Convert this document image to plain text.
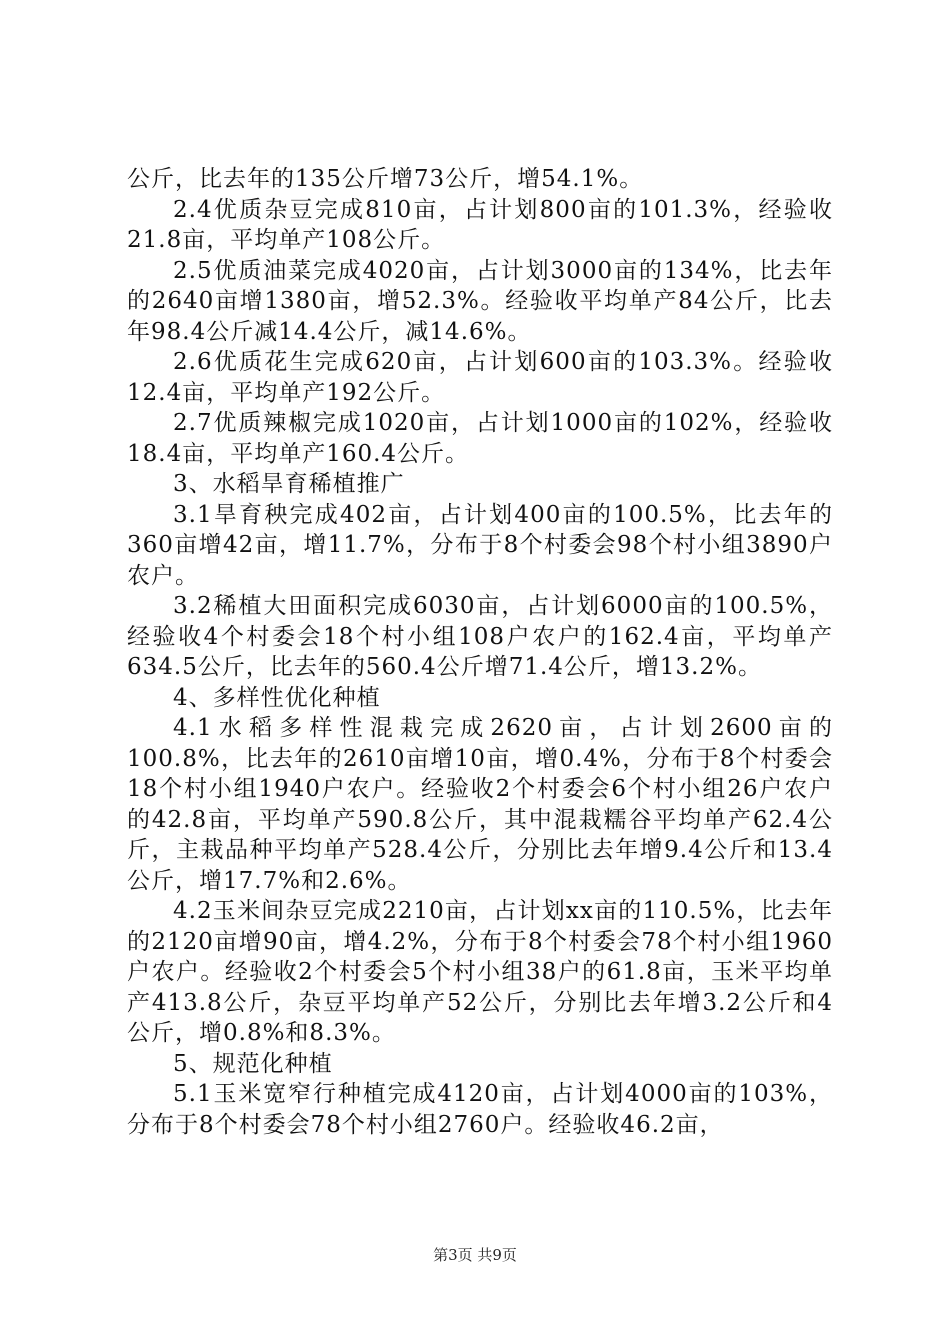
公斤，比去年的135公斤增73公斤，增54.1%。

2.4优质杂豆完成810亩，占计划800亩的101.3%，经验收21.8亩，平均单产108公斤。

2.5优质油菜完成4020亩，占计划3000亩的134%，比去年的2640亩增1380亩，增52.3%。经验收平均单产84公斤，比去年98.4公斤减14.4公斤，减14.6%。

2.6优质花生完成620亩，占计划600亩的103.3%。经验收12.4亩，平均单产192公斤。

2.7优质辣椒完成1020亩，占计划1000亩的102%，经验收18.4亩，平均单产160.4公斤。

3、水稻旱育稀植推广

3.1旱育秧完成402亩，占计划400亩的100.5%，比去年的360亩增42亩，增11.7%，分布于8个村委会98个村小组3890户农户。

3.2稀植大田面积完成6030亩，占计划6000亩的100.5%，经验收4个村委会18个村小组108户农户的162.4亩，平均单产634.5公斤，比去年的560.4公斤增71.4公斤，增13.2%。

4、多样性优化种植

4.1水稻多样性混栽完成2620亩，占计划2600亩的100.8%，比去年的2610亩增10亩，增0.4%，分布于8个村委会18个村小组1940户农户。经验收2个村委会6个村小组26户农户的42.8亩，平均单产590.8公斤，其中混栽糯谷平均单产62.4公斤，主栽品种平均单产528.4公斤，分别比去年增9.4公斤和13.4公斤，增17.7%和2.6%。

4.2玉米间杂豆完成2210亩，占计划xx亩的110.5%，比去年的2120亩增90亩，增4.2%，分布于8个村委会78个村小组1960户农户。经验收2个村委会5个村小组38户的61.8亩，玉米平均单产413.8公斤，杂豆平均单产52公斤，分别比去年增3.2公斤和4公斤，增0.8%和8.3%。

5、规范化种植

5.1玉米宽窄行种植完成4120亩，占计划4000亩的103%，分布于8个村委会78个村小组2760户。经验收46.2亩，

第3页 共9页
